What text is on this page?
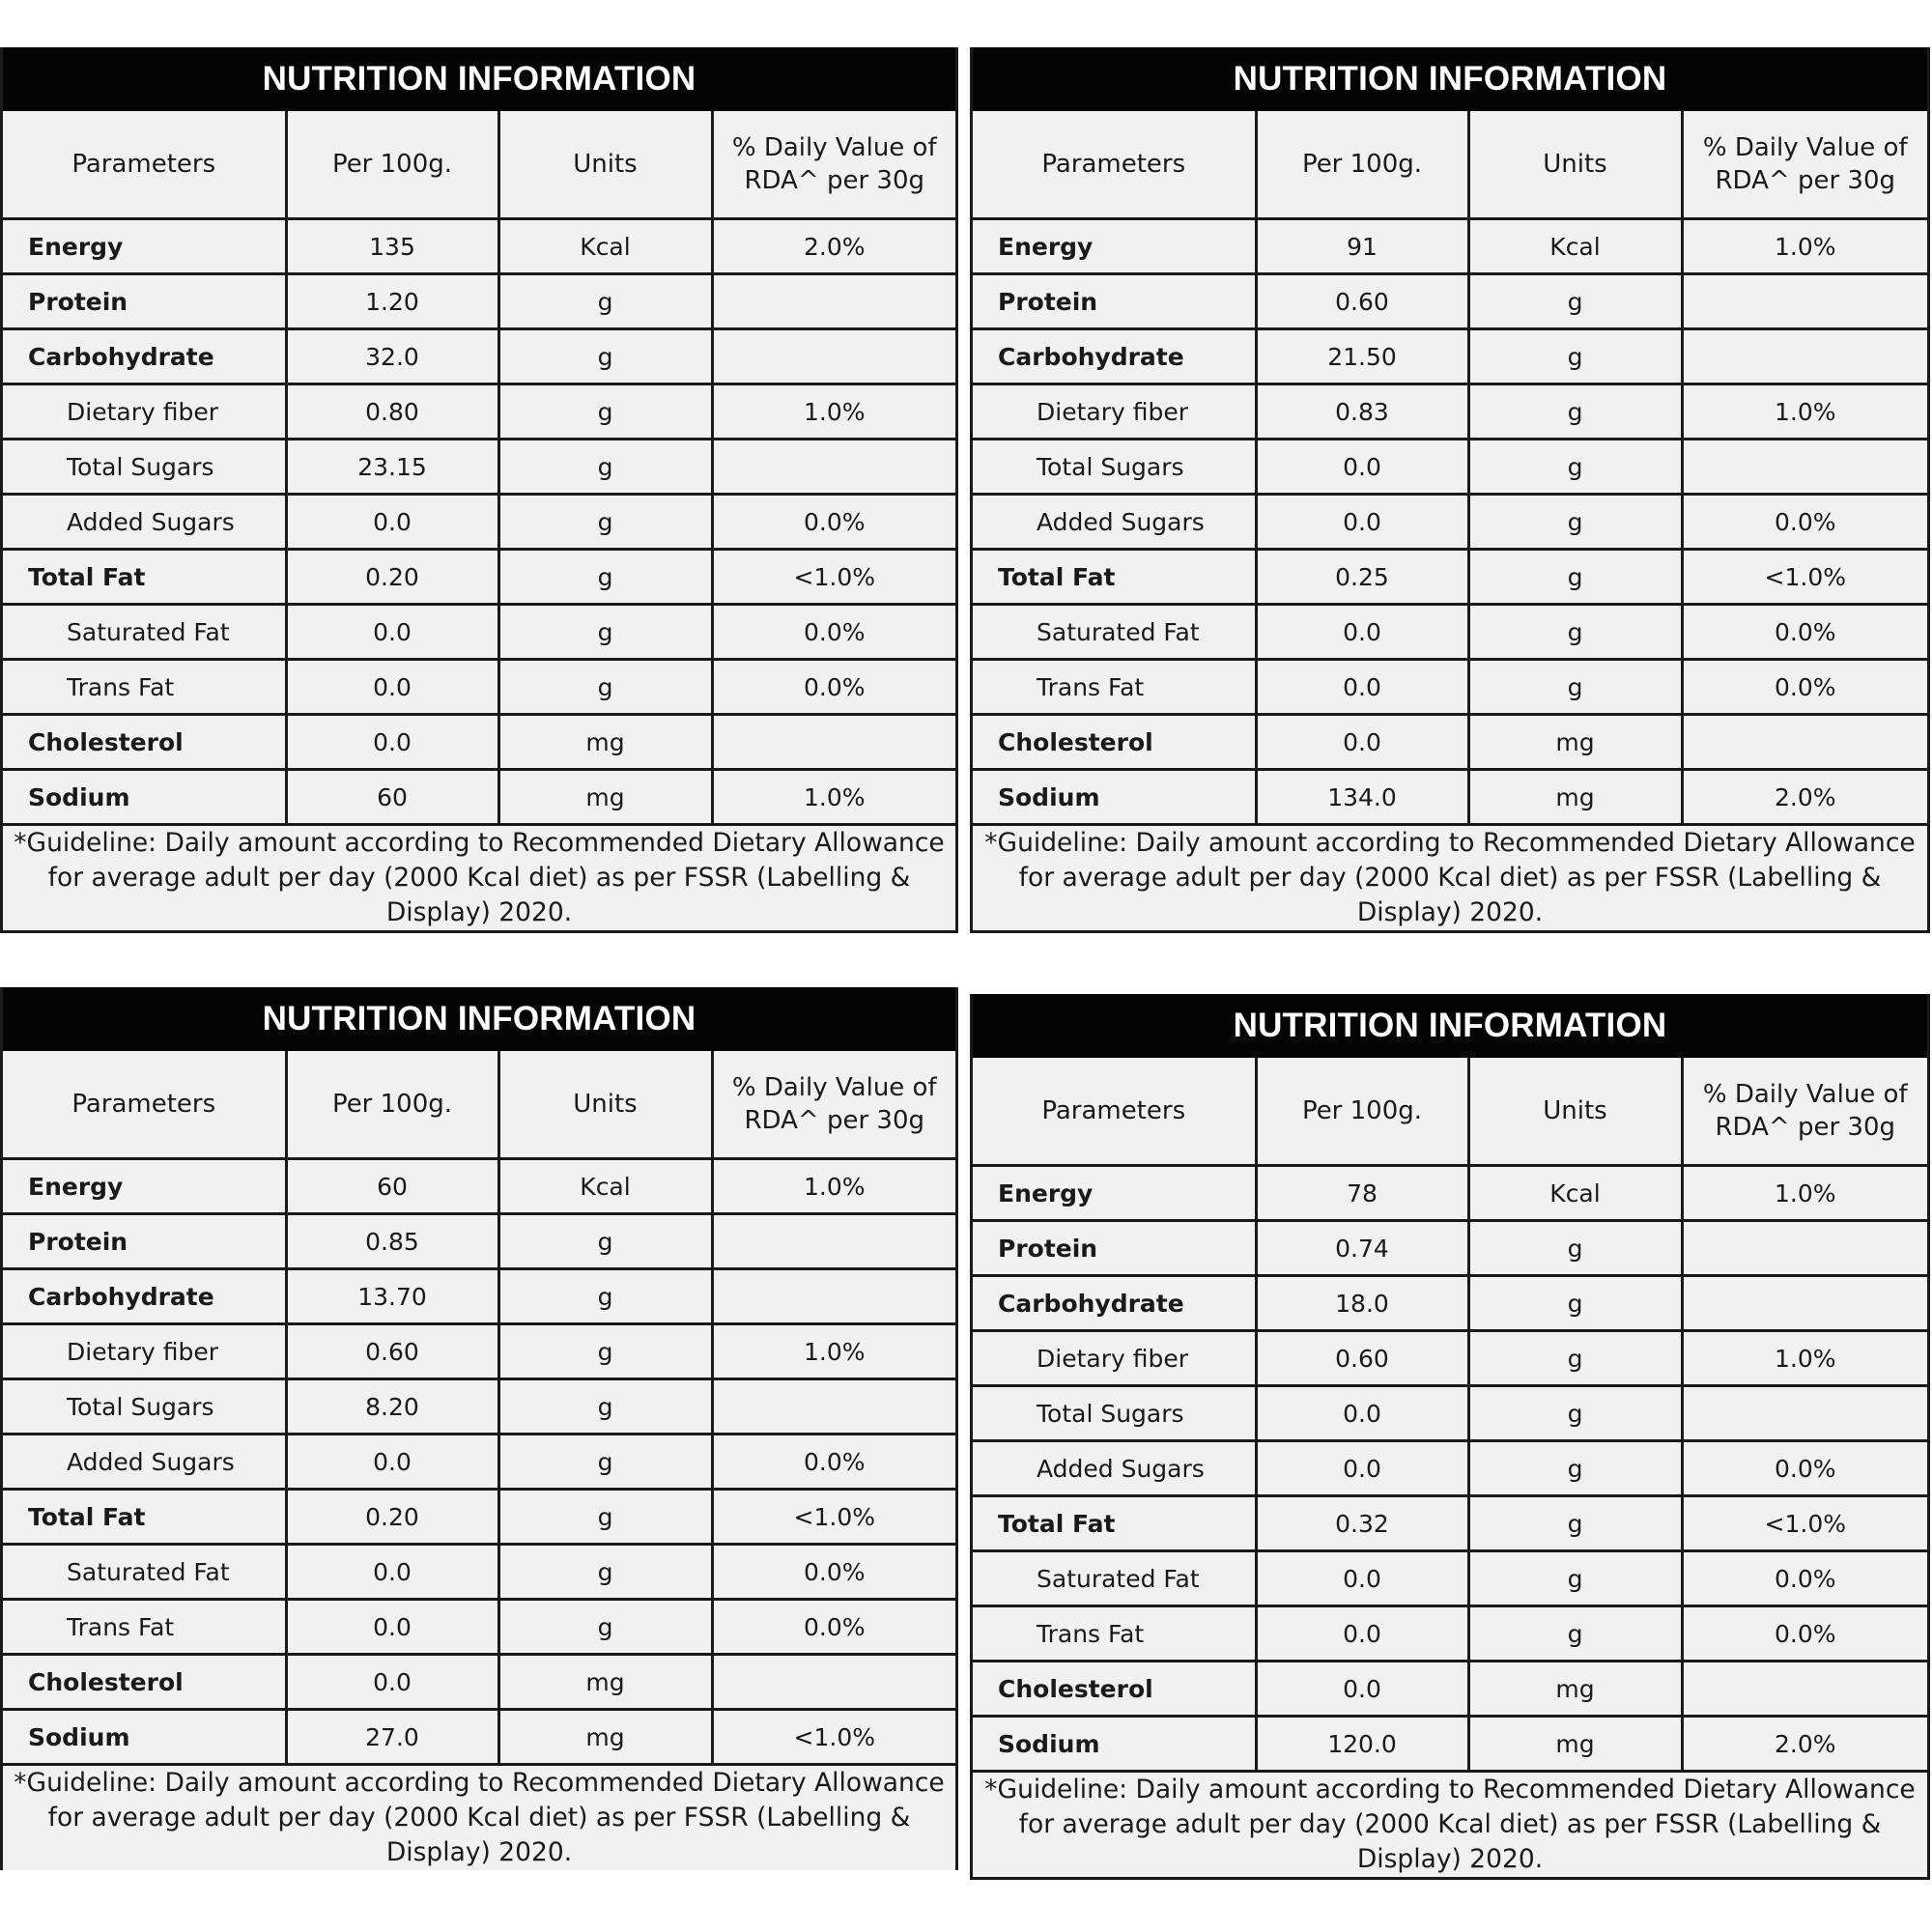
NUTRITION INFORMATION
Parameters	Per 100g.	Units	% Daily Value of RDA^ per 30g
Energy	135	Kcal	2.0%
Protein	1.20	g	
Carbohydrate	32.0	g	
Dietary fiber	0.80	g	1.0%
Total Sugars	23.15	g	
Added Sugars	0.0	g	0.0%
Total Fat	0.20	g	<1.0%
Saturated Fat	0.0	g	0.0%
Trans Fat	0.0	g	0.0%
Cholesterol	0.0	mg	
Sodium	60	mg	1.0%
*Guideline: Daily amount according to Recommended Dietary Allowance for average adult per day (2000 Kcal diet) as per FSSR (Labelling & Display) 2020.
NUTRITION INFORMATION
Parameters	Per 100g.	Units	% Daily Value of RDA^ per 30g
Energy	91	Kcal	1.0%
Protein	0.60	g	
Carbohydrate	21.50	g	
Dietary fiber	0.83	g	1.0%
Total Sugars	0.0	g	
Added Sugars	0.0	g	0.0%
Total Fat	0.25	g	<1.0%
Saturated Fat	0.0	g	0.0%
Trans Fat	0.0	g	0.0%
Cholesterol	0.0	mg	
Sodium	134.0	mg	2.0%
*Guideline: Daily amount according to Recommended Dietary Allowance for average adult per day (2000 Kcal diet) as per FSSR (Labelling & Display) 2020.
NUTRITION INFORMATION
Parameters	Per 100g.	Units	% Daily Value of RDA^ per 30g
Energy	60	Kcal	1.0%
Protein	0.85	g	
Carbohydrate	13.70	g	
Dietary fiber	0.60	g	1.0%
Total Sugars	8.20	g	
Added Sugars	0.0	g	0.0%
Total Fat	0.20	g	<1.0%
Saturated Fat	0.0	g	0.0%
Trans Fat	0.0	g	0.0%
Cholesterol	0.0	mg	
Sodium	27.0	mg	<1.0%
*Guideline: Daily amount according to Recommended Dietary Allowance for average adult per day (2000 Kcal diet) as per FSSR (Labelling & Display) 2020.
NUTRITION INFORMATION
Parameters	Per 100g.	Units	% Daily Value of RDA^ per 30g
Energy	78	Kcal	1.0%
Protein	0.74	g	
Carbohydrate	18.0	g	
Dietary fiber	0.60	g	1.0%
Total Sugars	0.0	g	
Added Sugars	0.0	g	0.0%
Total Fat	0.32	g	<1.0%
Saturated Fat	0.0	g	0.0%
Trans Fat	0.0	g	0.0%
Cholesterol	0.0	mg	
Sodium	120.0	mg	2.0%
*Guideline: Daily amount according to Recommended Dietary Allowance for average adult per day (2000 Kcal diet) as per FSSR (Labelling & Display) 2020.
